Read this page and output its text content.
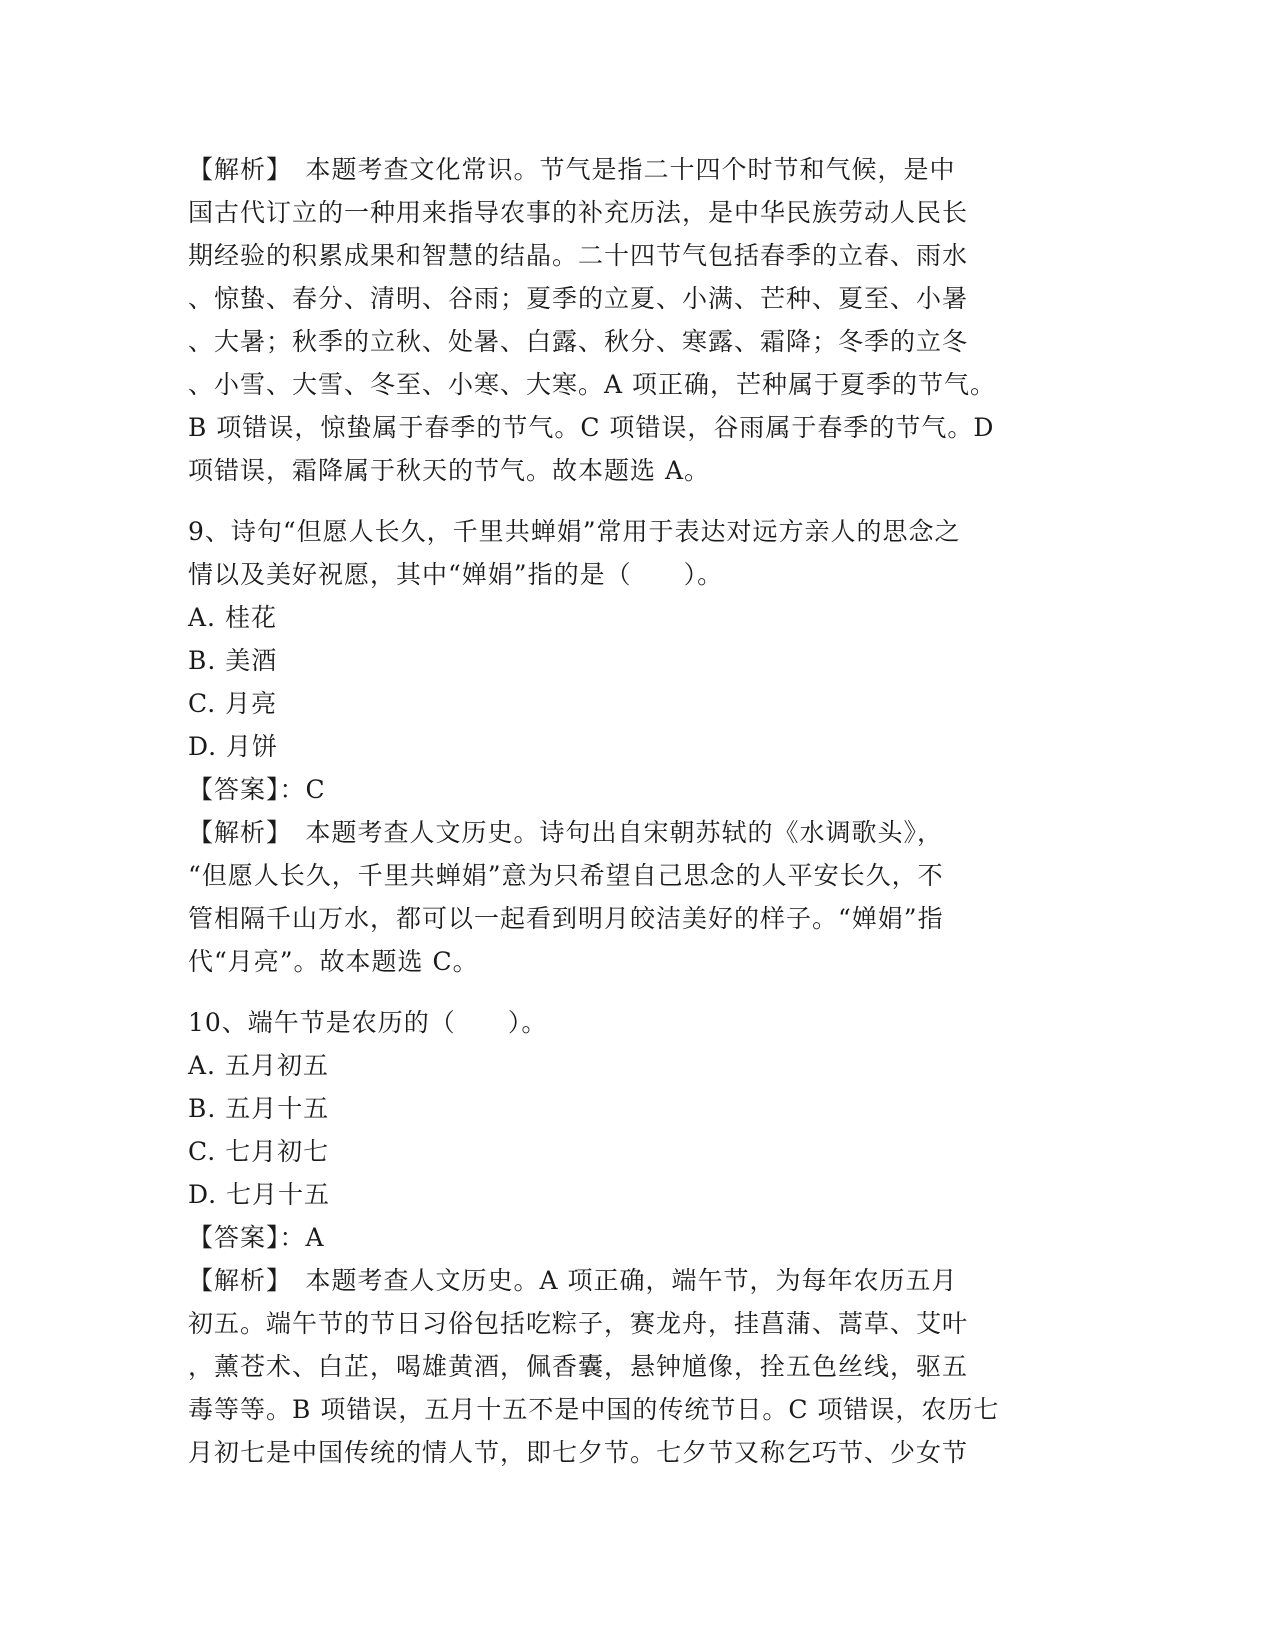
【解析】　本题考查文化常识。节气是指二十四个时节和气候，是中
国古代订立的一种用来指导农事的补充历法，是中华民族劳动人民长
期经验的积累成果和智慧的结晶。二十四节气包括春季的立春、雨水
、惊蛰、春分、清明、谷雨；夏季的立夏、小满、芒种、夏至、小暑
、大暑；秋季的立秋、处暑、白露、秋分、寒露、霜降；冬季的立冬
、小雪、大雪、冬至、小寒、大寒。A 项正确，芒种属于夏季的节气。
B 项错误，惊蛰属于春季的节气。C 项错误，谷雨属于春季的节气。D
项错误，霜降属于秋天的节气。故本题选 A。
9、诗句“但愿人长久，千里共蝉娟”常用于表达对远方亲人的思念之
情以及美好祝愿，其中“婵娟”指的是（　　）。
A. 桂花
B. 美酒
C. 月亮
D. 月饼
【答案】：C
【解析】　本题考查人文历史。诗句出自宋朝苏轼的《水调歌头》，
“但愿人长久，千里共蝉娟”意为只希望自己思念的人平安长久，不
管相隔千山万水，都可以一起看到明月皎洁美好的样子。“婵娟”指
代“月亮”。故本题选 C。
10、端午节是农历的（　　）。
A. 五月初五
B. 五月十五
C. 七月初七
D. 七月十五
【答案】：A
【解析】　本题考查人文历史。A 项正确，端午节，为每年农历五月
初五。端午节的节日习俗包括吃粽子，赛龙舟，挂菖蒲、蒿草、艾叶
，薰苍术、白芷，喝雄黄酒，佩香囊，悬钟馗像，拴五色丝线，驱五
毒等等。B 项错误，五月十五不是中国的传统节日。C 项错误，农历七
月初七是中国传统的情人节，即七夕节。七夕节又称乞巧节、少女节
